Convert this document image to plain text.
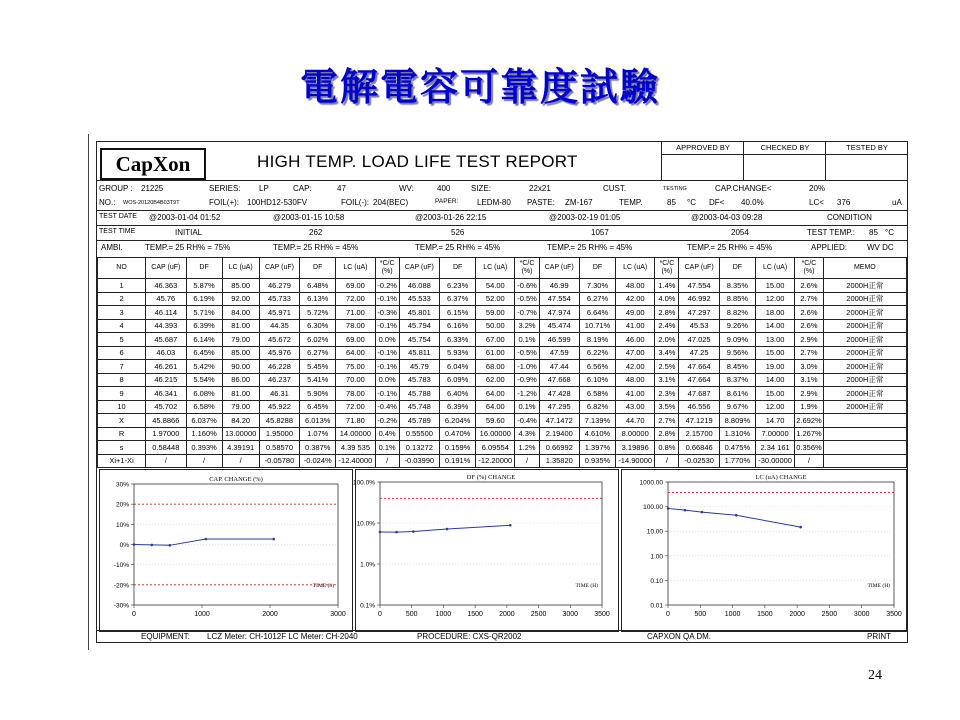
電解電容可靠度試驗
CapXon	HIGH TEMP. LOAD LIFE TEST REPORT
APPROVED BY	CHECKED BY	TESTED BY
GROUP : 21225	SERIES: LP	CAP:	47	WV:	400	SIZE:	22x21	CUST.	TESTING	CAP.CHANGE<	20%
NO.: WOS-20120B4B03T9T	FOIL(+): 100HD12-530FV	FOIL(-): 204(BEC)	PAPER: LEDM-80 PASTE: ZM-167	TEMP.	85 °C DF< 40.0%	LC< 376	uA
TEST DATE @2003-01-04 01:52	@2003-01-15 10:58	@2003-01-26 22:15	@2003-02-19 01:05	@2003-04-03 09:28	CONDITION
TEST TIME	INITIAL	262	526	1057	2054	TEST TEMP.: 85 °C
AMBI.	TEMP.= 25 RH% = 75%	TEMP.= 25 RH% = 45%	TEMP.= 25 RH% = 45%	TEMP.= 25 RH% = 45%	TEMP.= 25 RH% = 45%	APPLIED: WV DC
NO	CAP (uF)	DF	LC (uA)	CAP (uF)	DF	LC (uA)	*C/C (%)	CAP (uF)	DF	LC (uA)	*C/C (%)	CAP (uF)	DF	LC (uA)	*C/C (%)	CAP (uF)	DF	LC (uA)	*C/C (%)	MEMO
1	46.363	5.87%	85.00	46.279	6.48%	69.00	-0.2%	46.088	6.23%	54.00	-0.6%	46.99	7.30%	48.00	1.4%	47.554	8.35%	15.00	2.6%	2000H正常
2	45.76	6.19%	92.00	45.733	6.13%	72.00	-0.1%	45.533	6.37%	52.00	-0.5%	47.554	6.27%	42.00	4.0%	46.992	8.85%	12.00	2.7%	2000H正常
3	46.114	5.71%	84.00	45.971	5.72%	71.00	-0.3%	45.801	6.15%	59.00	-0.7%	47.974	6.64%	49.00	2.8%	47.297	8.82%	18.00	2.6%	2000H正常
4	44.393	6.39%	81.00	44.35	6.30%	78.00	-0.1%	45.794	6.16%	50.00	3.2%	45.474	10.71%	41.00	2.4%	45.53	9.26%	14.00	2.6%	2000H正常
5	45.687	6.14%	79.00	45.672	6.02%	69.00	0.0%	45.754	6.33%	67.00	0.1%	46.599	8.19%	46.00	2.0%	47.025	9.09%	13.00	2.9%	2000H正常
6	46.03	6.45%	85.00	45.976	6.27%	64.00	-0.1%	45.811	5.93%	61.00	-0.5%	47.59	6.22%	47.00	3.4%	47.25	9.56%	15.00	2.7%	2000H正常
7	46.261	5.42%	90.00	46.228	5.45%	75.00	-0.1%	45.79	6.04%	68.00	-1.0%	47.44	6.56%	42.00	2.5%	47.664	8.45%	19.00	3.0%	2000H正常
8	46.215	5.54%	86.00	46.237	5.41%	70.00	0.0%	45.783	6.09%	62.00	-0.9%	47.668	6.10%	48.00	3.1%	47.664	8.37%	14.00	3.1%	2000H正常
9	46.341	6.08%	81.00	46.31	5.90%	78.00	-0.1%	45.788	6.40%	64.00	-1.2%	47.428	6.58%	41.00	2.3%	47.687	8.61%	15.00	2.9%	2000H正常
10	45.702	6.58%	79.00	45.922	6.45%	72.00	-0.4%	45.748	6.39%	64.00	0.1%	47.295	6.82%	43.00	3.5%	46.556	9.67%	12.00	1.9%	2000H正常
X	45.8866	6.037%	84.20	45.8288	6.013%	71.80	-0.2%	45.789	6.204%	59.60	-0.4%	47.1472	7.139%	44.70	2.7%	47.1219	8.809%	14.70	2.692%	
R	1.97000	1.160%	13.00000	1.95000	1.07%	14.00000	0.4%	0.55500	0.470%	16.00000	4.3%	2.19400	4.610%	8.00000	2.8%	2.15700	1.310%	7.00000	1.267%	
s	0.58448	0.393%	4.39191	0.58570	0.387%	4.39 535	0.1%	0.13272	0.159%	6.09554	1.2%	0.66992	1.397%	3.19896	0.8%	0.66846	0.475%	2.34 161	0.356%	
Xi+1-Xi	/	/	/	-0.05780	-0.024%	-12.40000	/	-0.03990	0.191%	-12.20000	/	1.35820	0.935%	-14.90000	/	-0.02530	1.770%	-30.00000	/	
30%
20%
10%
0%
-10%
-20%
-30%
0	1000	2000	3000
CAP. CHANGE (%)
TIME (h)
100.0%
10.0%
1.0%
0.1%
0	500	1000 1500 2000 2500 3000 3500
DF (%) CHANGE
TIME (H)
1000.00
100.00
10.00
1.00
0.10
0.01
0	500	1000 1500 2000 2500 3000 3500
LC (uA) CHANGE
TIME (H)
EQUIPMENT: LCZ Meter: CH-1012F LC Meter: CH-2040	PROCEDURE: CXS-QR2002	CAPXON QA DM.	PRINT
24
